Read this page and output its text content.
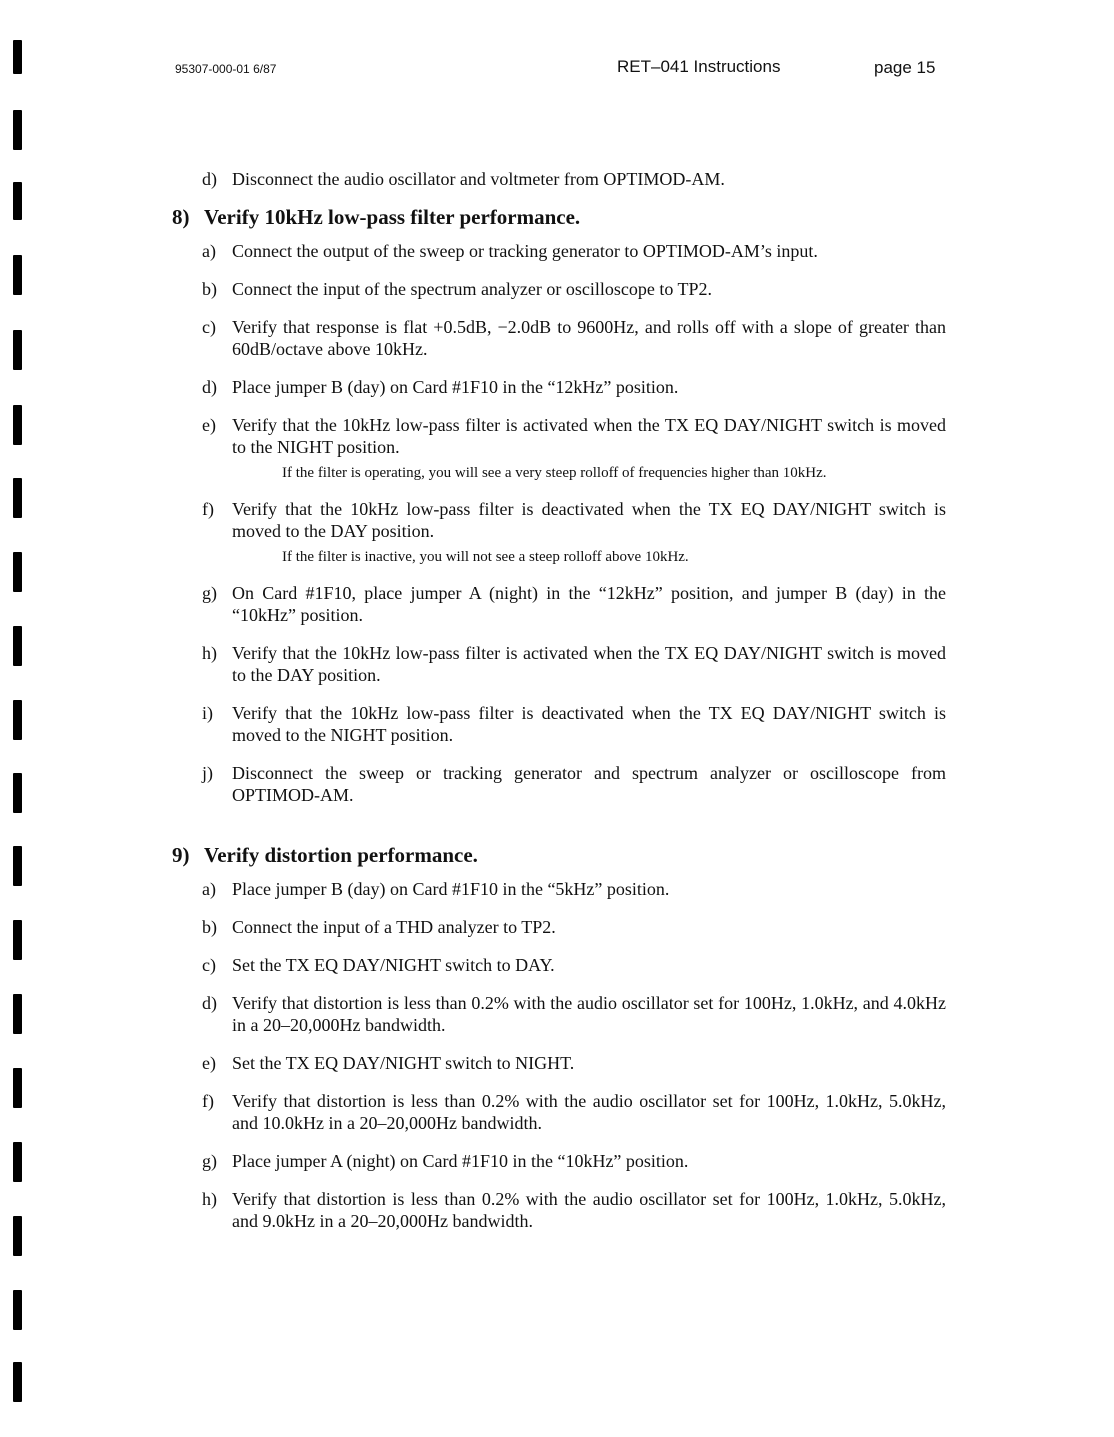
95307-000-01 6/87	RET–041 Instructions	page 15
d) Disconnect the audio oscillator and voltmeter from OPTIMOD-AM.
8) Verify 10kHz low-pass filter performance.
a) Connect the output of the sweep or tracking generator to OPTIMOD-AM’s input.
b) Connect the input of the spectrum analyzer or oscilloscope to TP2.
c) Verify that response is flat +0.5dB, −2.0dB to 9600Hz, and rolls off with a slope of greater than 60dB/octave above 10kHz.
d) Place jumper B (day) on Card #1F10 in the “12kHz” position.
e) Verify that the 10kHz low-pass filter is activated when the TX EQ DAY/NIGHT switch is moved to the NIGHT position.
If the filter is operating, you will see a very steep rolloff of frequencies higher than 10kHz.
f)	Verify that the 10kHz low-pass filter is deactivated when the TX EQ DAY/NIGHT switch is moved to the DAY position.
If the filter is inactive, you will not see a steep rolloff above 10kHz.
g) On Card #1F10, place jumper A (night) in the “12kHz” position, and jumper B (day) in the “10kHz” position.
h) Verify that the 10kHz low-pass filter is activated when the TX EQ DAY/NIGHT switch is moved to the DAY position.
i)	Verify that the 10kHz low-pass filter is deactivated when the TX EQ DAY/NIGHT switch is moved to the NIGHT position.
j)	Disconnect the sweep or tracking generator and spectrum analyzer or oscilloscope from OPTIMOD-AM.
9) Verify distortion performance.
a) Place jumper B (day) on Card #1F10 in the “5kHz” position.
b) Connect the input of a THD analyzer to TP2.
c) Set the TX EQ DAY/NIGHT switch to DAY.
d) Verify that distortion is less than 0.2% with the audio oscillator set for 100Hz, 1.0kHz, and 4.0kHz in a 20–20,000Hz bandwidth.
e) Set the TX EQ DAY/NIGHT switch to NIGHT.
f)	Verify that distortion is less than 0.2% with the audio oscillator set for 100Hz, 1.0kHz, 5.0kHz, and 10.0kHz in a 20–20,000Hz bandwidth.
g) Place jumper A (night) on Card #1F10 in the “10kHz” position.
h) Verify that distortion is less than 0.2% with the audio oscillator set for 100Hz, 1.0kHz, 5.0kHz, and 9.0kHz in a 20–20,000Hz bandwidth.
